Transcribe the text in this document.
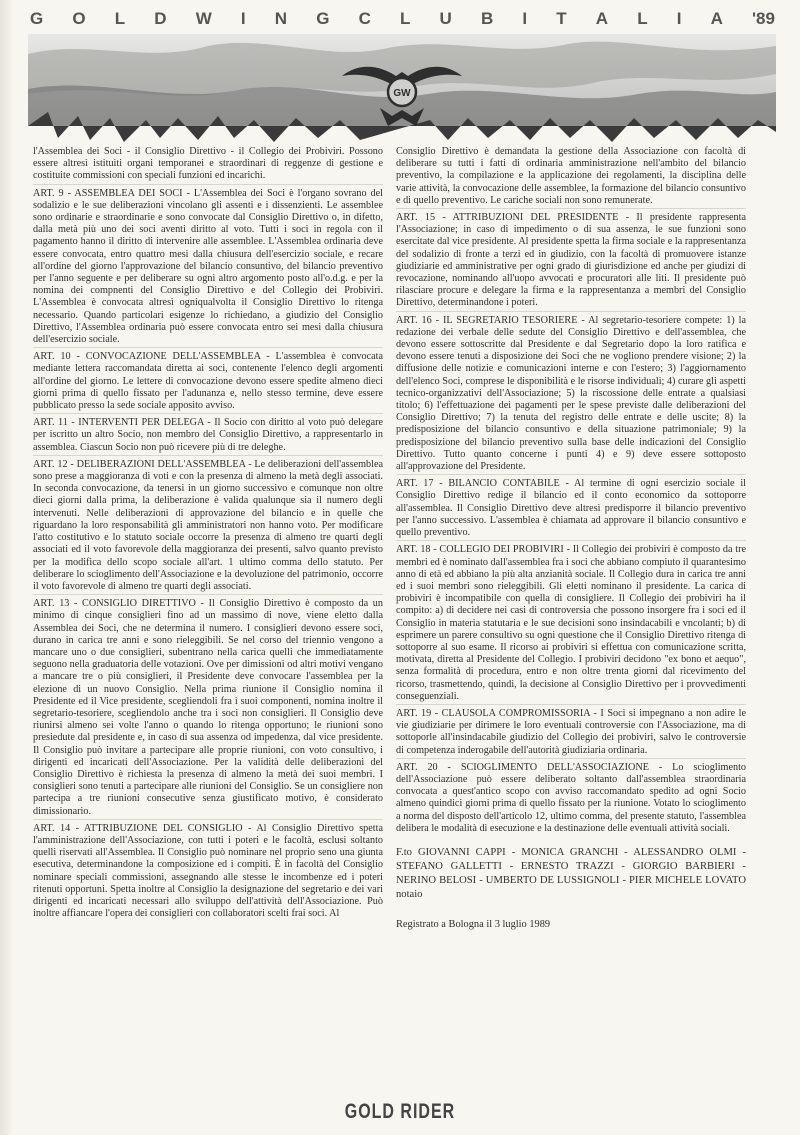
G O L D W I N G C L U B I T A L I A '89
GW

l'Assemblea dei Soci - il Consiglio Direttivo - il Collegio dei Probiviri. Possono essere altresì istituiti organi temporanei e straordinari di reggenze di gestione e costituite commissioni con speciali funzioni ed incarichi.

ART. 9 - ASSEMBLEA DEI SOCI - L'Assemblea dei Soci è l'organo sovrano del sodalizio e le sue deliberazioni vincolano gli assenti e i dissenzienti. Le assemblee sono ordinarie e straordinarie e sono convocate dal Consiglio Direttivo o, in difetto, dalla metà più uno dei soci aventi diritto al voto. Tutti i soci in regola con il pagamento hanno il diritto di intervenire alle assemblee. L'Assemblea ordinaria deve essere convocata, entro quattro mesi dalla chiusura dell'esercizio sociale, e recare all'ordine del giorno l'approvazione del bilancio consuntivo, del bilancio preventivo per l'anno seguente e per deliberare su ogni altro argomento posto all'o.d.g. e per la nomina dei compnenti del Consiglio Direttivo e del Collegio dei Probiviri. L'Assemblea è convocata altresì ogniqualvolta il Consiglio Direttivo lo ritenga necessario. Quando particolari esigenze lo richiedano, a giudizio del Consiglio Direttivo, l'Assemblea ordinaria può essere convocata entro sei mesi dalla chiusura dell'esercizio sociale.

ART. 10 - CONVOCAZIONE DELL'ASSEMBLEA - L'assemblea è convocata mediante lettera raccomandata diretta ai soci, contenente l'elenco degli argomenti all'ordine del giorno. Le lettere di convocazione devono essere spedite almeno dieci giorni prima di quello fissato per l'adunanza e, nello stesso termine, deve essere pubblicato presso la sede sociale apposito avviso.

ART. 11 - INTERVENTI PER DELEGA - Il Socio con diritto al voto può delegare per iscritto un altro Socio, non membro del Consiglio Direttivo, a rappresentarlo in assemblea. Ciascun Socio non può ricevere più di tre deleghe.

ART. 12 - DELIBERAZIONI DELL'ASSEMBLEA - Le deliberazioni dell'assemblea sono prese a maggioranza di voti e con la presenza di almeno la metà degli associati. In seconda convocazione, da tenersi in un giorno successivo e comunque non oltre dieci giorni dalla prima, la deliberazione è valida qualunque sia il numero degli intervenuti. Nelle deliberazioni di approvazione del bilancio e in quelle che riguardano la loro responsabilità gli amministratori non hanno voto. Per modificare l'atto costitutivo e lo statuto sociale occorre la presenza di almeno tre quarti degli associati ed il voto favorevole della maggioranza dei presenti, salvo quanto previsto per la modifica dello scopo sociale all'art. 1 ultimo comma dello statuto. Per deliberare lo scioglimento dell'Associazione e la devoluzione del patrimonio, occorre il voto favorevole di almeno tre quarti degli associati.

ART. 13 - CONSIGLIO DIRETTIVO - Il Consiglio Direttivo è composto da un minimo di cinque consiglieri fino ad un massimo di nove, viene eletto dalla Assemblea dei Soci, che ne determina il numero. I consiglieri devono essere soci, durano in carica tre anni e sono rieleggibili. Se nel corso del triennio vengono a mancare uno o due consiglieri, subentrano nella carica quelli che immediatamente seguono nella graduatoria delle votazioni. Ove per dimissioni od altri motivi vengano a mancare tre o più consiglieri, il Presidente deve convocare l'assemblea per la elezione di un nuovo Consiglio. Nella prima riunione il Consiglio nomina il Presidente ed il Vice presidente, scegliendoli fra i suoi componenti, nomina inoltre il segretario-tesoriere, scegliendolo anche tra i soci non consiglieri. Il Consiglio deve riunirsi almeno sei volte l'anno o quando lo ritenga opportuno; le riunioni sono presiedute dal presidente e, in caso di sua assenza od impedenza, dal vice presidente. Il Consiglio può invitare a partecipare alle proprie riunioni, con voto consultivo, i dirigenti ed incaricati dell'Associazione. Per la validità delle deliberazioni del Consiglio Direttivo è richiesta la presenza di almeno la metà dei suoi membri. I consiglieri sono tenuti a partecipare alle riunioni del Consiglio. Se un consigliere non partecipa a tre riunioni consecutive senza giustificato motivo, è considerato dimissionario.

ART. 14 - ATTRIBUZIONE DEL CONSIGLIO - Al Consiglio Direttivo spetta l'amministrazione dell'Associazione, con tutti i poteri e le facoltà, esclusi soltanto quelli riservati all'Assemblea. Il Consiglio può nominare nel proprio seno una giunta esecutiva, determinandone la composizione ed i compiti. È in facoltà del Consiglio nominare speciali commissioni, assegnando alle stesse le incombenze ed i poteri ritenuti opportuni. Spetta inoltre al Consiglio la designazione del segretario e dei vari dirigenti ed incaricati necessari allo sviluppo dell'attività dell'Associazione. Può inoltre affiancare l'opera dei consiglieri con collaboratori scelti frai soci. Al

Consiglio Direttivo è demandata la gestione della Associazione con facoltà di deliberare su tutti i fatti di ordinaria amministrazione nell'ambito del bilancio preventivo, la compilazione e la applicazione dei regolamenti, la disciplina delle varie attività, la convocazione delle assemblee, la formazione del bilancio consuntivo e di quello preventivo. Le cariche sociali non sono remunerate.

ART. 15 - ATTRIBUZIONI DEL PRESIDENTE - Il presidente rappresenta l'Associazione; in caso di impedimento o di sua assenza, le sue funzioni sono esercitate dal vice presidente. Al presidente spetta la firma sociale e la rappresentanza del sodalizio di fronte a terzi ed in giudizio, con la facoltà di promuovere istanze giudiziarie ed amministrative per ogni grado di giurisdizione ed anche per giudizi di revocazione, nominando all'uopo avvocati e procuratori alle liti. Il presidente può rilasciare procure e delegare la firma e la rappresentanza a membri del Consiglio Direttivo, determinandone i poteri.

ART. 16 - IL SEGRETARIO TESORIERE - Al segretario-tesoriere compete: 1) la redazione dei verbale delle sedute del Consiglio Direttivo e dell'assemblea, che devono essere sottoscritte dal Presidente e dal Segretario dopo la loro ratifica e devono essere tenuti a disposizione dei Soci che ne vogliono prendere visione; 2) la diffusione delle notizie e comunicazioni interne e con l'estero; 3) l'aggiornamento dell'elenco Soci, comprese le disponibilità e le risorse individuali; 4) curare gli aspetti tecnico-organizzativi dell'Associazione; 5) la riscossione delle entrate a qualsiasi titolo; 6) l'effettuazione dei pagamenti per le spese previste dalle deliberazioni del Consiglio Direttivo; 7) la tenuta del registro delle entrate e delle uscite; 8) la predisposizione del bilancio consuntivo e della situazione patrimoniale; 9) la predisposizione del bilancio preventivo sulla base delle indicazioni del Consiglio Direttivo. Tutto quanto concerne i punti 4) e 9) deve essere sottoposto all'approvazione del Presidente.

ART. 17 - BILANCIO CONTABILE - Al termine di ogni esercizio sociale il Consiglio Direttivo redige il bilancio ed il conto economico da sottoporre all'assemblea. Il Consiglio Direttivo deve altresì predisporre il bilancio preventivo per l'anno successivo. L'assemblea è chiamata ad approvare il bilancio consuntivo e quello preventivo.

ART. 18 - COLLEGIO DEI PROBIVIRI - Il Collegio dei probiviri è composto da tre membri ed è nominato dall'assemblea fra i soci che abbiano compiuto il quarantesimo anno di età ed abbiano la più alta anzianità sociale. Il Collegio dura in carica tre anni ed i suoi membri sono rieleggibili. Gli eletti nominano il presidente. La carica di probiviri è incompatibile con quella di consigliere. Il Collegio dei probiviri ha il compito: a) di decidere nei casi di controversia che possono insorgere fra i soci ed il Consiglio in materia statutaria e le sue decisioni sono insindacabili e vncolanti; b) di esprimere un parere consultivo su ogni questione che il Consiglio Direttivo ritenga di sottoporre al suo esame. Il ricorso ai probiviri si effettua con comunicazione scritta, motivata, diretta al Presidente del Collegio. I probiviri decidono "ex bono et aequo", senza formalità di procedura, entro e non oltre trenta giorni dal ricevimento del ricorso, trasmettendo, quindi, la decisione al Consiglio Direttivo per i provvedimenti conseguenziali.

ART. 19 - CLAUSOLA COMPROMISSORIA - I Soci si impegnano a non adire le vie giudiziarie per dirimere le loro eventuali controversie con l'Associazione, ma di sottoporle all'insindacabile giudizio del Collegio dei probiviri, salvo le controversie di competenza inderogabile dell'autorità giudiziaria ordinaria.

ART. 20 - SCIOGLIMENTO DELL'ASSOCIAZIONE - Lo scioglimento dell'Associazione può essere deliberato soltanto dall'assemblea straordinaria convocata a quest'antico scopo con avviso raccomandato spedito ad ogni Socio almeno quindici giorni prima di quello fissato per la riunione. Votato lo scioglimento a norma del disposto dell'articolo 12, ultimo comma, del presente statuto, l'assemblea delibera le modalità di esecuzione e la destinazione delle eventuali attività sociali.

F.to GIOVANNI CAPPI - MONICA GRANCHI - ALESSANDRO OLMI - STEFANO GALLETTI - ERNESTO TRAZZI - GIORGIO BARBIERI - NERINO BELOSI - UMBERTO DE LUSSIGNOLI - PIER MICHELE LOVATO notaio
Registrato a Bologna il 3 luglio 1989
GOLD RIDER
